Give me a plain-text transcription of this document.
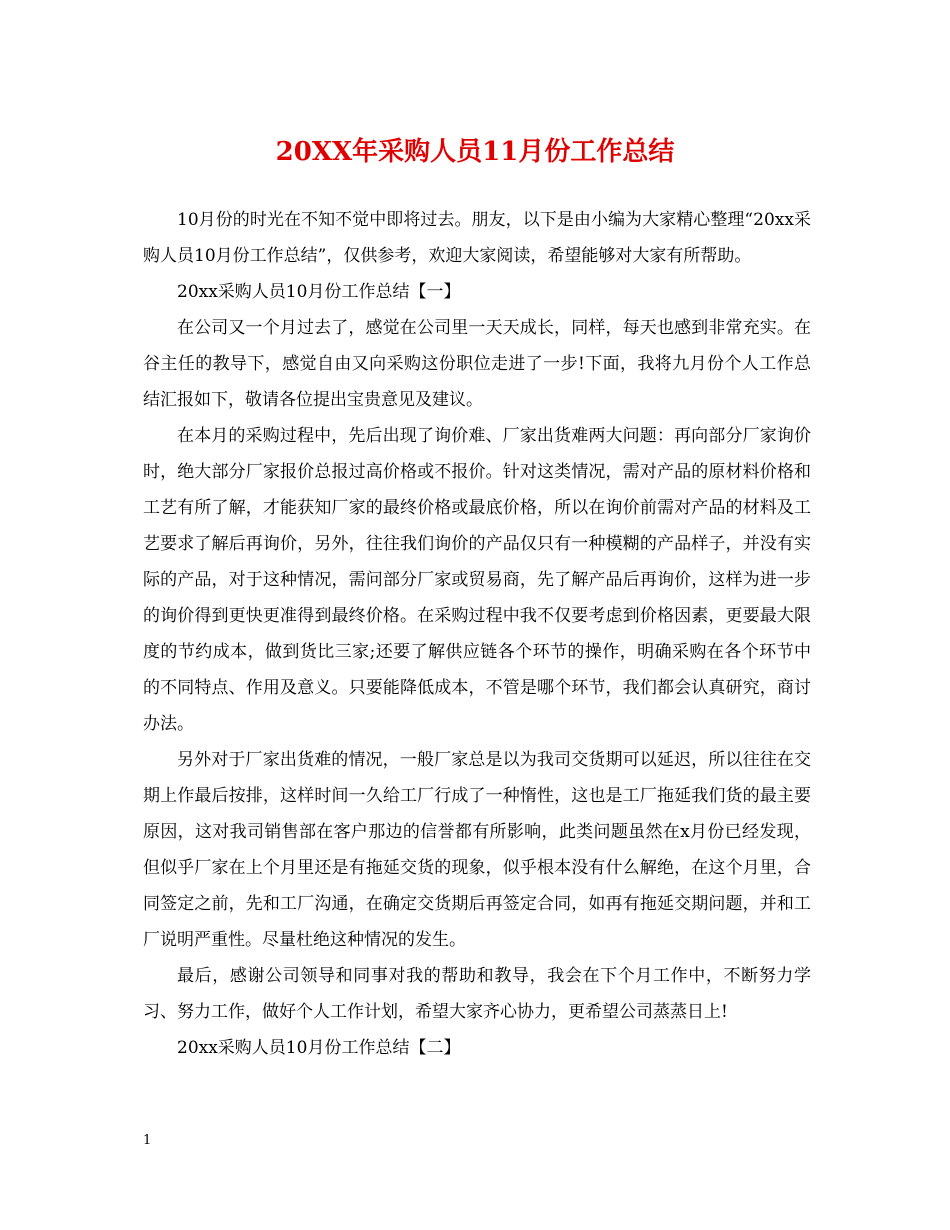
20XX年采购人员11月份工作总结

10月份的时光在不知不觉中即将过去。朋友，以下是由小编为大家精心整理“20xx采购人员10月份工作总结”，仅供参考，欢迎大家阅读，希望能够对大家有所帮助。

20xx采购人员10月份工作总结【一】

在公司又一个月过去了，感觉在公司里一天天成长，同样，每天也感到非常充实。在谷主任的教导下，感觉自由又向采购这份职位走进了一步!下面，我将九月份个人工作总结汇报如下，敬请各位提出宝贵意见及建议。

在本月的采购过程中，先后出现了询价难、厂家出货难两大问题：再向部分厂家询价时，绝大部分厂家报价总报过高价格或不报价。针对这类情况，需对产品的原材料价格和工艺有所了解，才能获知厂家的最终价格或最底价格，所以在询价前需对产品的材料及工艺要求了解后再询价，另外，往往我们询价的产品仅只有一种模糊的产品样子，并没有实际的产品，对于这种情况，需问部分厂家或贸易商，先了解产品后再询价，这样为进一步的询价得到更快更准得到最终价格。在采购过程中我不仅要考虑到价格因素，更要最大限度的节约成本，做到货比三家;还要了解供应链各个环节的操作，明确采购在各个环节中的不同特点、作用及意义。只要能降低成本，不管是哪个环节，我们都会认真研究，商讨办法。

另外对于厂家出货难的情况，一般厂家总是以为我司交货期可以延迟，所以往往在交期上作最后按排，这样时间一久给工厂行成了一种惰性，这也是工厂拖延我们货的最主要原因，这对我司销售部在客户那边的信誉都有所影响，此类问题虽然在x月份已经发现，但似乎厂家在上个月里还是有拖延交货的现象，似乎根本没有什么解绝，在这个月里，合同签定之前，先和工厂沟通，在确定交货期后再签定合同，如再有拖延交期问题，并和工厂说明严重性。尽量杜绝这种情况的发生。

最后，感谢公司领导和同事对我的帮助和教导，我会在下个月工作中，不断努力学习、努力工作，做好个人工作计划，希望大家齐心协力，更希望公司蒸蒸日上!

20xx采购人员10月份工作总结【二】

1
